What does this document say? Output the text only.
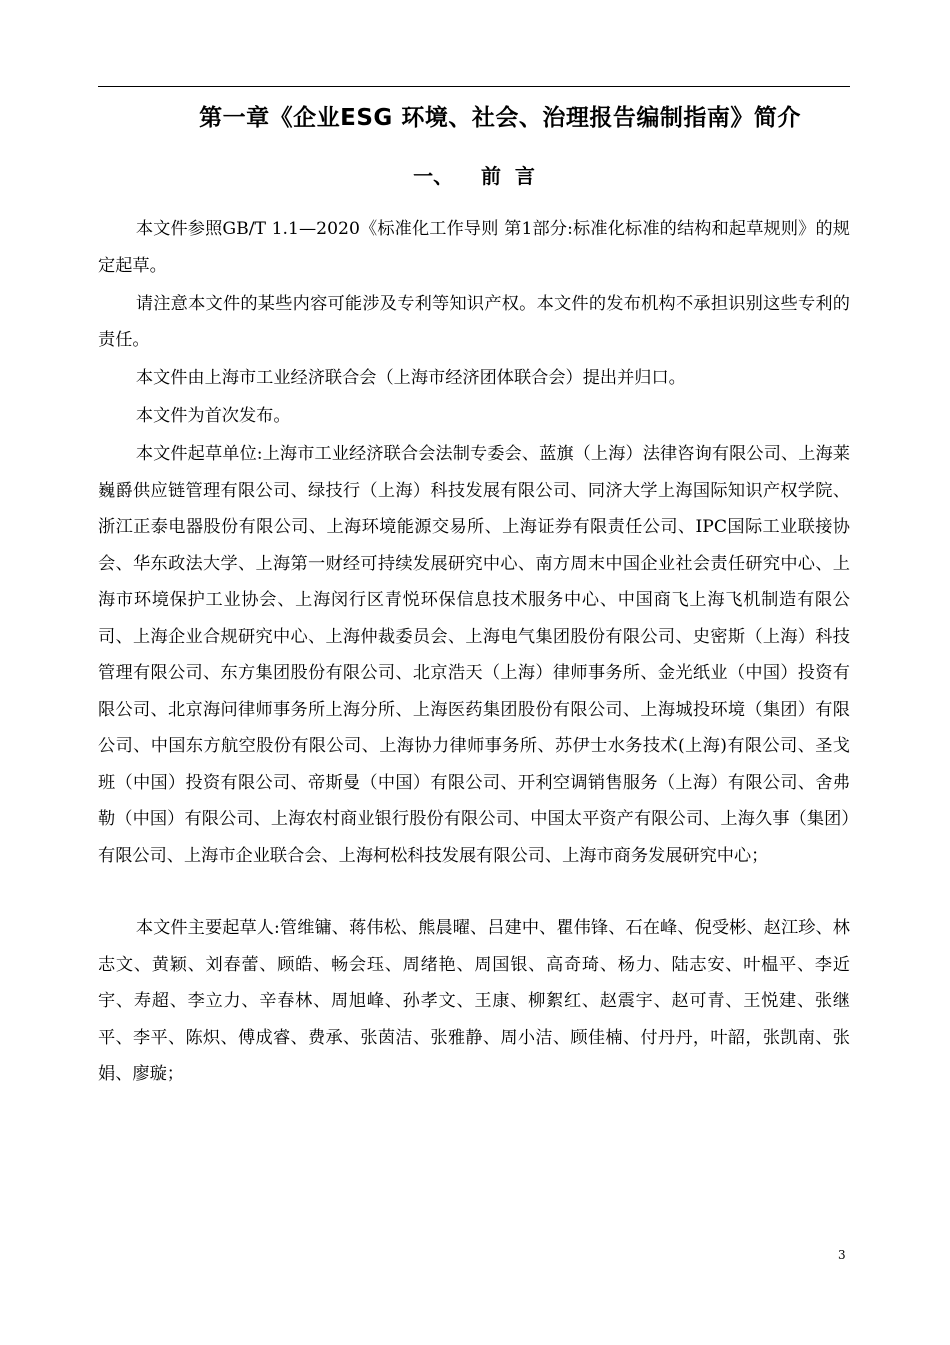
第一章《企业ESG 环境、社会、治理报告编制指南》简介
一、    前  言

本文件参照GB/T 1.1—2020《标准化工作导则 第1部分:标准化标准的结构和起草规则》的规定起草。

请注意本文件的某些内容可能涉及专利等知识产权。本文件的发布机构不承担识别这些专利的责任。

本文件由上海市工业经济联合会（上海市经济团体联合会）提出并归口。

本文件为首次发布。

本文件起草单位:上海市工业经济联合会法制专委会、蓝旗（上海）法律咨询有限公司、上海莱巍爵供应链管理有限公司、绿技行（上海）科技发展有限公司、同济大学上海国际知识产权学院、浙江正泰电器股份有限公司、上海环境能源交易所、上海证券有限责任公司、IPC国际工业联接协会、华东政法大学、上海第一财经可持续发展研究中心、南方周末中国企业社会责任研究中心、上海市环境保护工业协会、上海闵行区青悦环保信息技术服务中心、中国商飞上海飞机制造有限公司、上海企业合规研究中心、上海仲裁委员会、上海电气集团股份有限公司、史密斯（上海）科技管理有限公司、东方集团股份有限公司、北京浩天（上海）律师事务所、金光纸业（中国）投资有限公司、北京海问律师事务所上海分所、上海医药集团股份有限公司、上海城投环境（集团）有限公司、中国东方航空股份有限公司、上海协力律师事务所、苏伊士水务技术(上海)有限公司、圣戈班（中国）投资有限公司、帝斯曼（中国）有限公司、开利空调销售服务（上海）有限公司、舍弗勒（中国）有限公司、上海农村商业银行股份有限公司、中国太平资产有限公司、上海久事（集团）有限公司、上海市企业联合会、上海柯松科技发展有限公司、上海市商务发展研究中心；

本文件主要起草人:管维镛、蒋伟松、熊晨曜、吕建中、瞿伟锋、石在峰、倪受彬、赵江珍、林志文、黄颖、刘春蕾、顾皓、畅会珏、周绪艳、周国银、高奇琦、杨力、陆志安、叶榅平、李近宇、寿超、李立力、辛春林、周旭峰、孙孝文、王康、柳絮红、赵震宇、赵可青、王悦建、张继平、李平、陈炽、傅成睿、费承、张茵洁、张雅静、周小洁、顾佳楠、付丹丹，叶韶，张凯南、张娟、廖璇；

3
